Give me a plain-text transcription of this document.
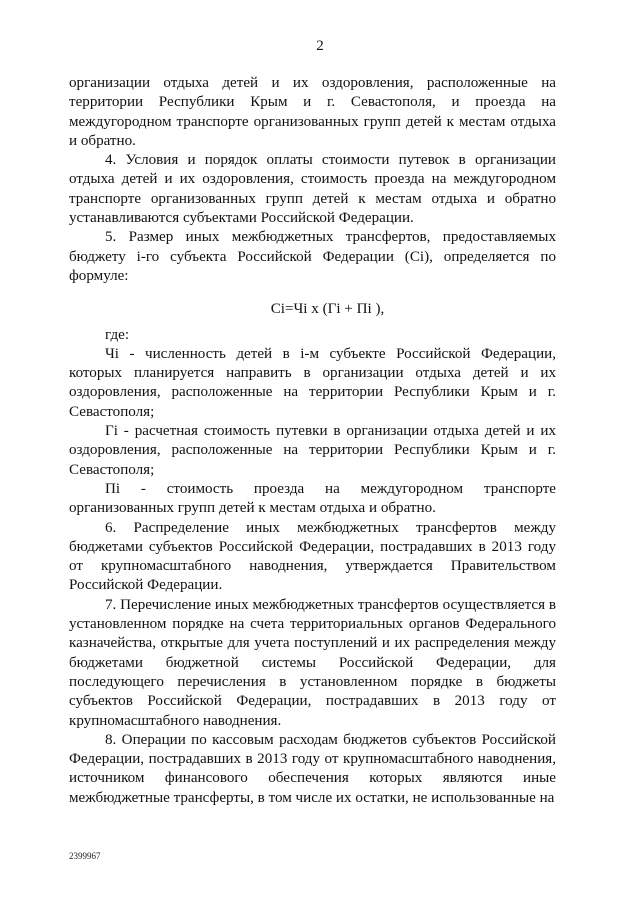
2

организации отдыха детей и их оздоровления, расположенные на территории Республики Крым и г. Севастополя, и проезда на междугородном транспорте организованных групп детей к местам отдыха и обратно.

4. Условия и порядок оплаты стоимости путевок в организации отдыха детей и их оздоровления, стоимость проезда на междугородном транспорте организованных групп детей к местам отдыха и обратно устанавливаются субъектами Российской Федерации.

5. Размер иных межбюджетных трансфертов, предоставляемых бюджету i-го субъекта Российской Федерации (Сi), определяется по формуле:

Сi=Чi х (Гi + Пi ),

где:

Чi - численность детей в i-м субъекте Российской Федерации, которых планируется направить в организации отдыха детей и их оздоровления, расположенные на территории Республики Крым и г. Севастополя;

Гi - расчетная стоимость путевки в организации отдыха детей и их оздоровления, расположенные на территории Республики Крым и г. Севастополя;

Пi - стоимость проезда на междугородном транспорте организованных групп детей к местам отдыха и обратно.

6. Распределение иных межбюджетных трансфертов между бюджетами субъектов Российской Федерации, пострадавших в 2013 году от крупномасштабного наводнения, утверждается Правительством Российской Федерации.

7. Перечисление иных межбюджетных трансфертов осуществляется в установленном порядке на счета территориальных органов Федерального казначейства, открытые для учета поступлений и их распределения между бюджетами бюджетной системы Российской Федерации, для последующего перечисления в установленном порядке в бюджеты субъектов Российской Федерации, пострадавших в 2013 году от крупномасштабного наводнения.

8. Операции по кассовым расходам бюджетов субъектов Российской Федерации, пострадавших в 2013 году от крупномасштабного наводнения, источником финансового обеспечения которых являются иные межбюджетные трансферты, в том числе их остатки, не использованные на

2399967
